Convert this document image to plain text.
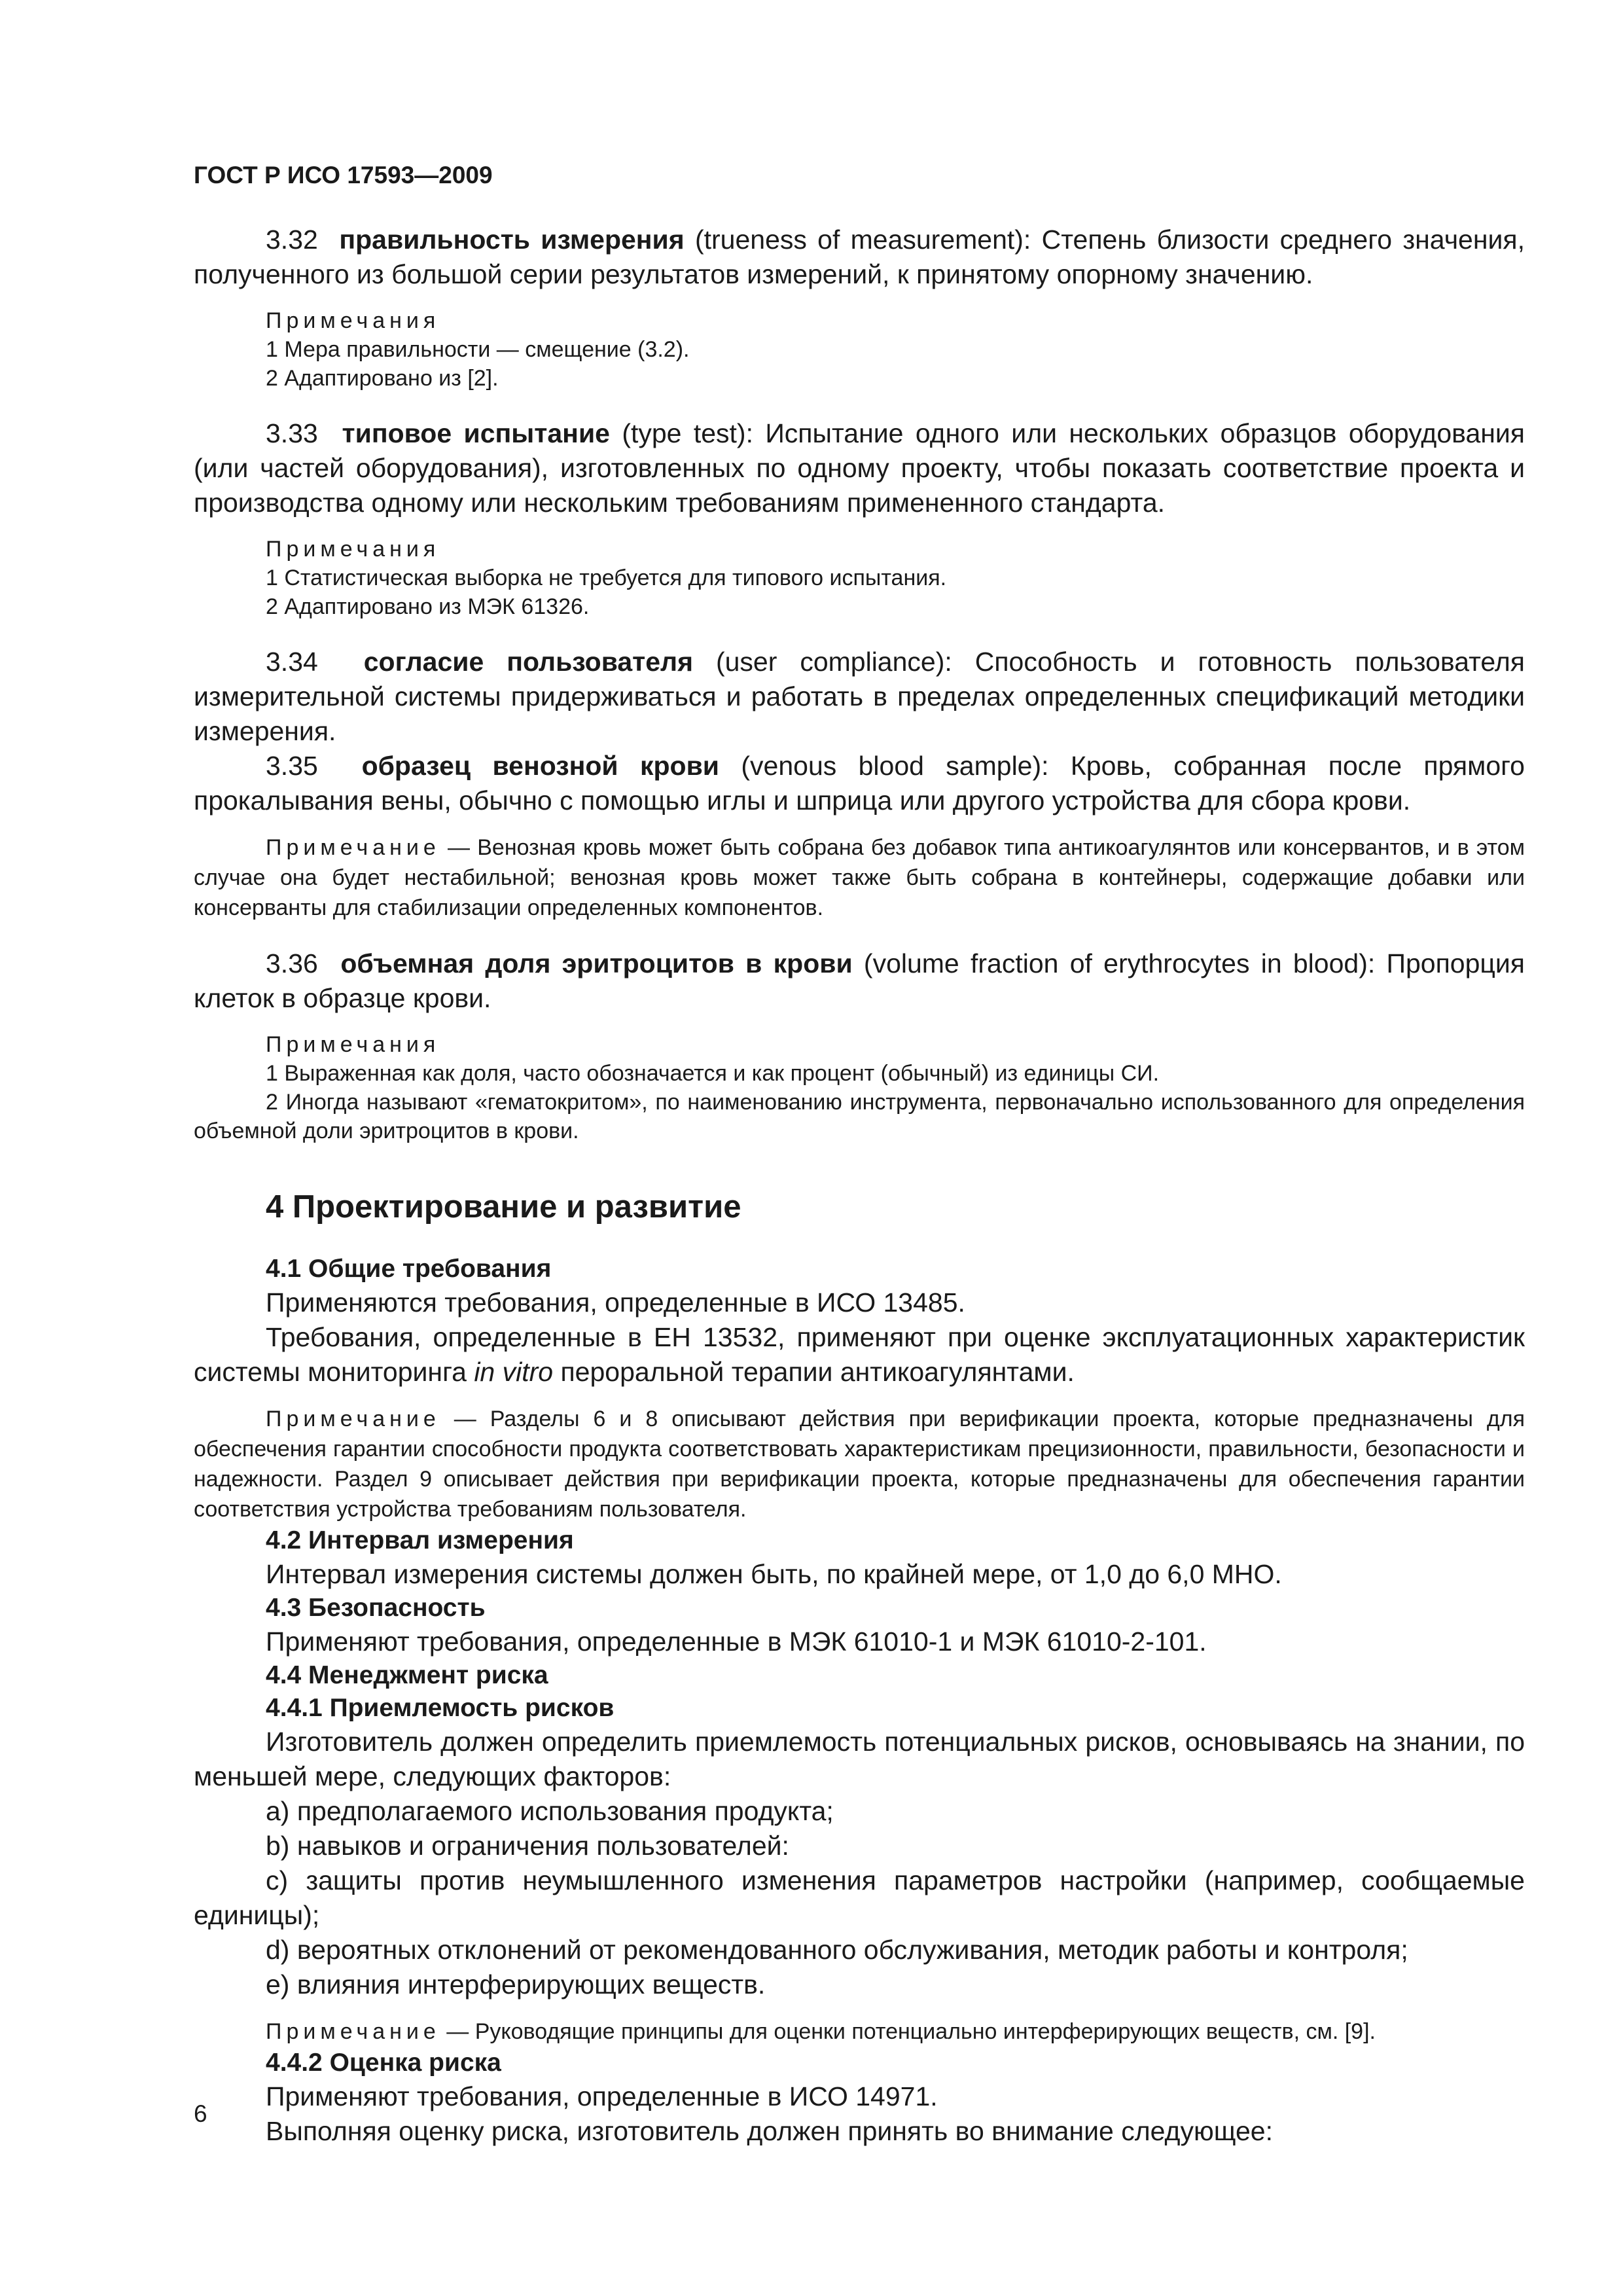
ГОСТ Р ИСО 17593—2009

3.32 правильность измерения (trueness of measurement): Степень близости среднего значения, полученного из большой серии результатов измерений, к принятому опорному значению.

Примечания

1 Мера правильности — смещение (3.2).

2 Адаптировано из [2].

3.33 типовое испытание (type test): Испытание одного или нескольких образцов оборудования (или частей оборудования), изготовленных по одному проекту, чтобы показать соответствие проекта и производства одному или нескольким требованиям примененного стандарта.

Примечания

1 Статистическая выборка не требуется для типового испытания.

2 Адаптировано из МЭК 61326.

3.34 согласие пользователя (user compliance): Способность и готовность пользователя измерительной системы придерживаться и работать в пределах определенных спецификаций методики измерения.

3.35 образец венозной крови (venous blood sample): Кровь, собранная после прямого прокалывания вены, обычно с помощью иглы и шприца или другого устройства для сбора крови.

Примечание — Венозная кровь может быть собрана без добавок типа антикоагулянтов или консервантов, и в этом случае она будет нестабильной; венозная кровь может также быть собрана в контейнеры, содержащие добавки или консерванты для стабилизации определенных компонентов.

3.36 объемная доля эритроцитов в крови (volume fraction of erythrocytes in blood): Пропорция клеток в образце крови.

Примечания

1 Выраженная как доля, часто обозначается и как процент (обычный) из единицы СИ.

2 Иногда называют «гематокритом», по наименованию инструмента, первоначально использованного для определения объемной доли эритроцитов в крови.

4 Проектирование и развитие

4.1 Общие требования

Применяются требования, определенные в ИСО 13485.

Требования, определенные в ЕН 13532, применяют при оценке эксплуатационных характеристик системы мониторинга in vitro пероральной терапии антикоагулянтами.

Примечание — Разделы 6 и 8 описывают действия при верификации проекта, которые предназначены для обеспечения гарантии способности продукта соответствовать характеристикам прецизионности, правильности, безопасности и надежности. Раздел 9 описывает действия при верификации проекта, которые предназначены для обеспечения гарантии соответствия устройства требованиям пользователя.

4.2 Интервал измерения

Интервал измерения системы должен быть, по крайней мере, от 1,0 до 6,0 МНО.

4.3 Безопасность

Применяют требования, определенные в МЭК 61010-1 и МЭК 61010-2-101.

4.4 Менеджмент риска

4.4.1 Приемлемость рисков

Изготовитель должен определить приемлемость потенциальных рисков, основываясь на знании, по меньшей мере, следующих факторов:

a) предполагаемого использования продукта;

b) навыков и ограничения пользователей:

c) защиты против неумышленного изменения параметров настройки (например, сообщаемые единицы);

d) вероятных отклонений от рекомендованного обслуживания, методик работы и контроля;

e) влияния интерферирующих веществ.

Примечание — Руководящие принципы для оценки потенциально интерферирующих веществ, см. [9].

4.4.2 Оценка риска

Применяют требования, определенные в ИСО 14971.

Выполняя оценку риска, изготовитель должен принять во внимание следующее:

6
